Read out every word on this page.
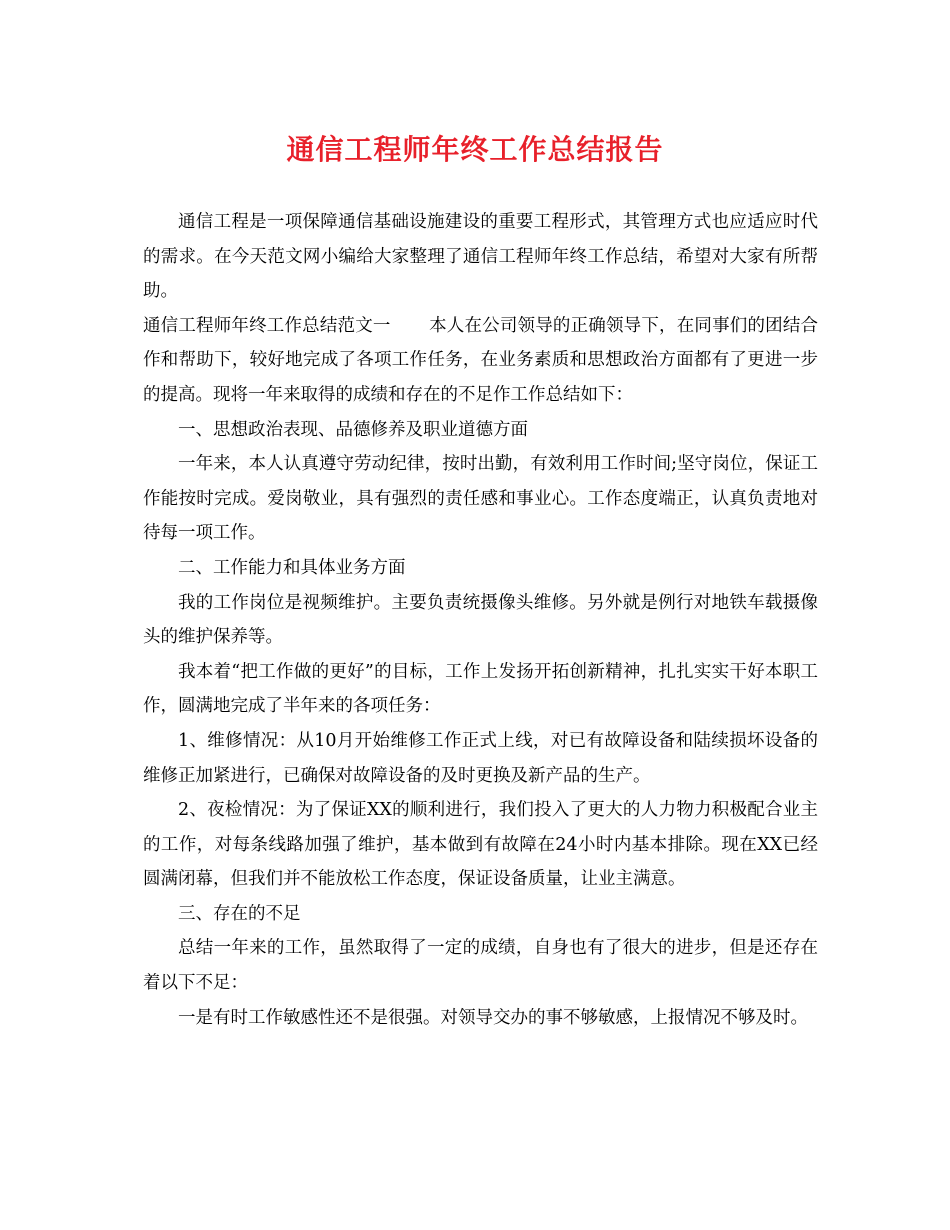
通信工程师年终工作总结报告

通信工程是一项保障通信基础设施建设的重要工程形式，其管理方式也应适应时代的需求。在今天范文网小编给大家整理了通信工程师年终工作总结，希望对大家有所帮助。

通信工程师年终工作总结范文一 本人在公司领导的正确领导下，在同事们的团结合作和帮助下，较好地完成了各项工作任务，在业务素质和思想政治方面都有了更进一步的提高。现将一年来取得的成绩和存在的不足作工作总结如下：

一、思想政治表现、品德修养及职业道德方面

一年来，本人认真遵守劳动纪律，按时出勤，有效利用工作时间;坚守岗位，保证工作能按时完成。爱岗敬业，具有强烈的责任感和事业心。工作态度端正，认真负责地对待每一项工作。

二、工作能力和具体业务方面

我的工作岗位是视频维护。主要负责统摄像头维修。另外就是例行对地铁车载摄像头的维护保养等。

我本着“把工作做的更好”的目标，工作上发扬开拓创新精神，扎扎实实干好本职工作，圆满地完成了半年来的各项任务：

1、维修情况：从10月开始维修工作正式上线，对已有故障设备和陆续损坏设备的维修正加紧进行，已确保对故障设备的及时更换及新产品的生产。

2、夜检情况：为了保证XX的顺利进行，我们投入了更大的人力物力积极配合业主的工作，对每条线路加强了维护，基本做到有故障在24小时内基本排除。现在XX已经圆满闭幕，但我们并不能放松工作态度，保证设备质量，让业主满意。

三、存在的不足

总结一年来的工作，虽然取得了一定的成绩，自身也有了很大的进步，但是还存在着以下不足：

一是有时工作敏感性还不是很强。对领导交办的事不够敏感，上报情况不够及时。
